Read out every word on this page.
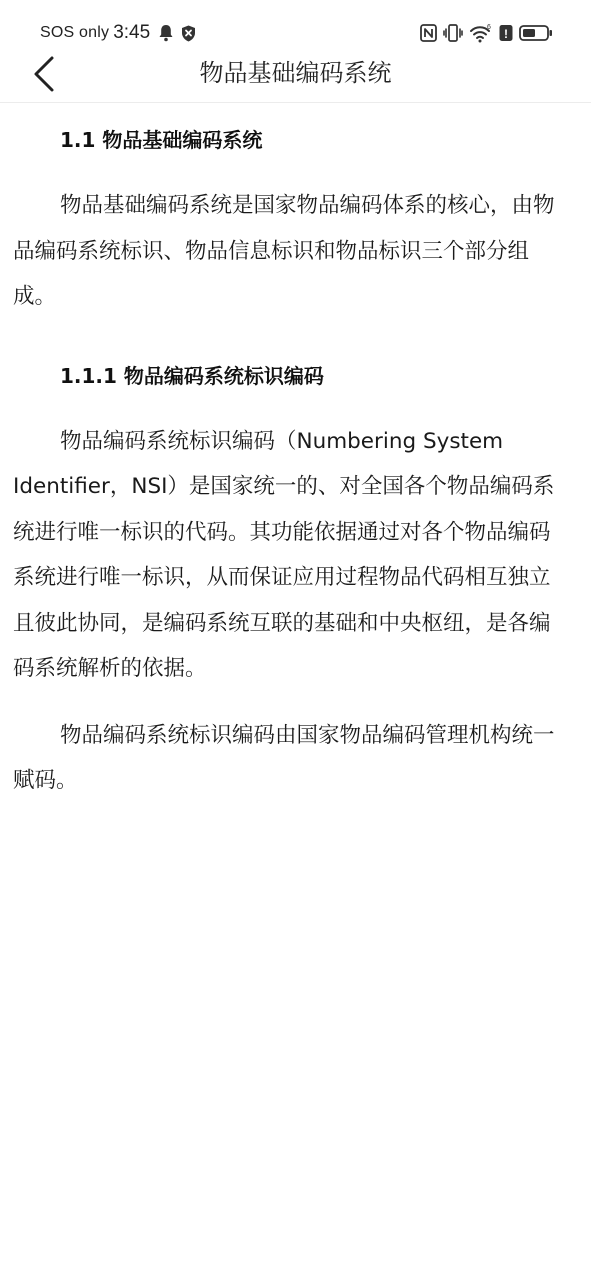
SOS only 3:45	6 !
物品基础编码系统
1.1 物品基础编码系统

物品基础编码系统是国家物品编码体系的核心，由物品编码系统标识、物品信息标识和物品标识三个部分组成。

1.1.1 物品编码系统标识编码

物品编码系统标识编码（Numbering System Identifier，NSI）是国家统一的、对全国各个物品编码系统进行唯一标识的代码。其功能依据通过对各个物品编码系统进行唯一标识，从而保证应用过程物品代码相互独立且彼此协同，是编码系统互联的基础和中央枢纽，是各编码系统解析的依据。

物品编码系统标识编码由国家物品编码管理机构统一赋码。
